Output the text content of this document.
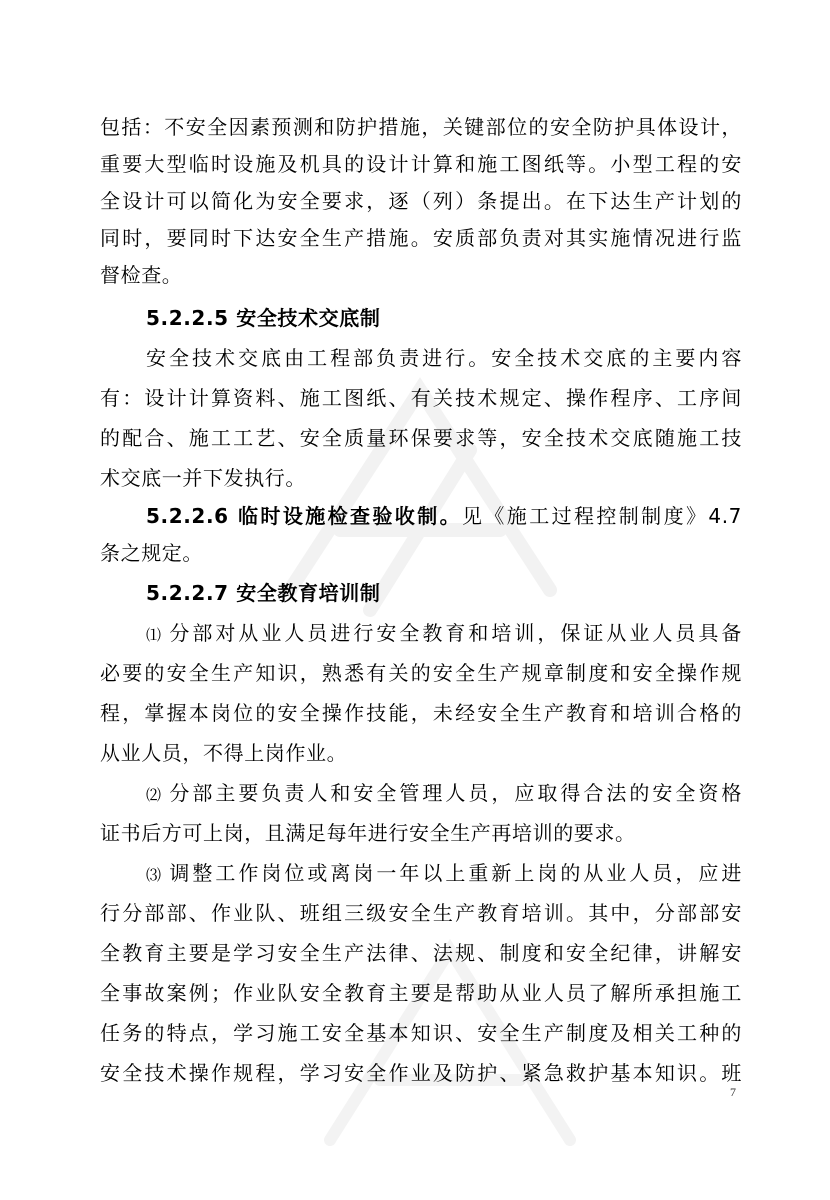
包括：不安全因素预测和防护措施，关键部位的安全防护具体设计，
重要大型临时设施及机具的设计计算和施工图纸等。小型工程的安
全设计可以简化为安全要求，逐（列）条提出。在下达生产计划的
同时，要同时下达安全生产措施。安质部负责对其实施情况进行监
督检查。
5.2.2.5 安全技术交底制
安全技术交底由工程部负责进行。安全技术交底的主要内容
有：设计计算资料、施工图纸、有关技术规定、操作程序、工序间
的配合、施工工艺、安全质量环保要求等，安全技术交底随施工技
术交底一并下发执行。
5.2.2.6 临时设施检查验收制。见《施工过程控制制度》4.7
条之规定。
5.2.2.7 安全教育培训制
⑴ 分部对从业人员进行安全教育和培训，保证从业人员具备
必要的安全生产知识，熟悉有关的安全生产规章制度和安全操作规
程，掌握本岗位的安全操作技能，未经安全生产教育和培训合格的
从业人员，不得上岗作业。
⑵ 分部主要负责人和安全管理人员，应取得合法的安全资格
证书后方可上岗，且满足每年进行安全生产再培训的要求。
⑶ 调整工作岗位或离岗一年以上重新上岗的从业人员，应进
行分部部、作业队、班组三级安全生产教育培训。其中，分部部安
全教育主要是学习安全生产法律、法规、制度和安全纪律，讲解安
全事故案例；作业队安全教育主要是帮助从业人员了解所承担施工
任务的特点，学习施工安全基本知识、安全生产制度及相关工种的
安全技术操作规程，学习安全作业及防护、紧急救护基本知识。班
7
